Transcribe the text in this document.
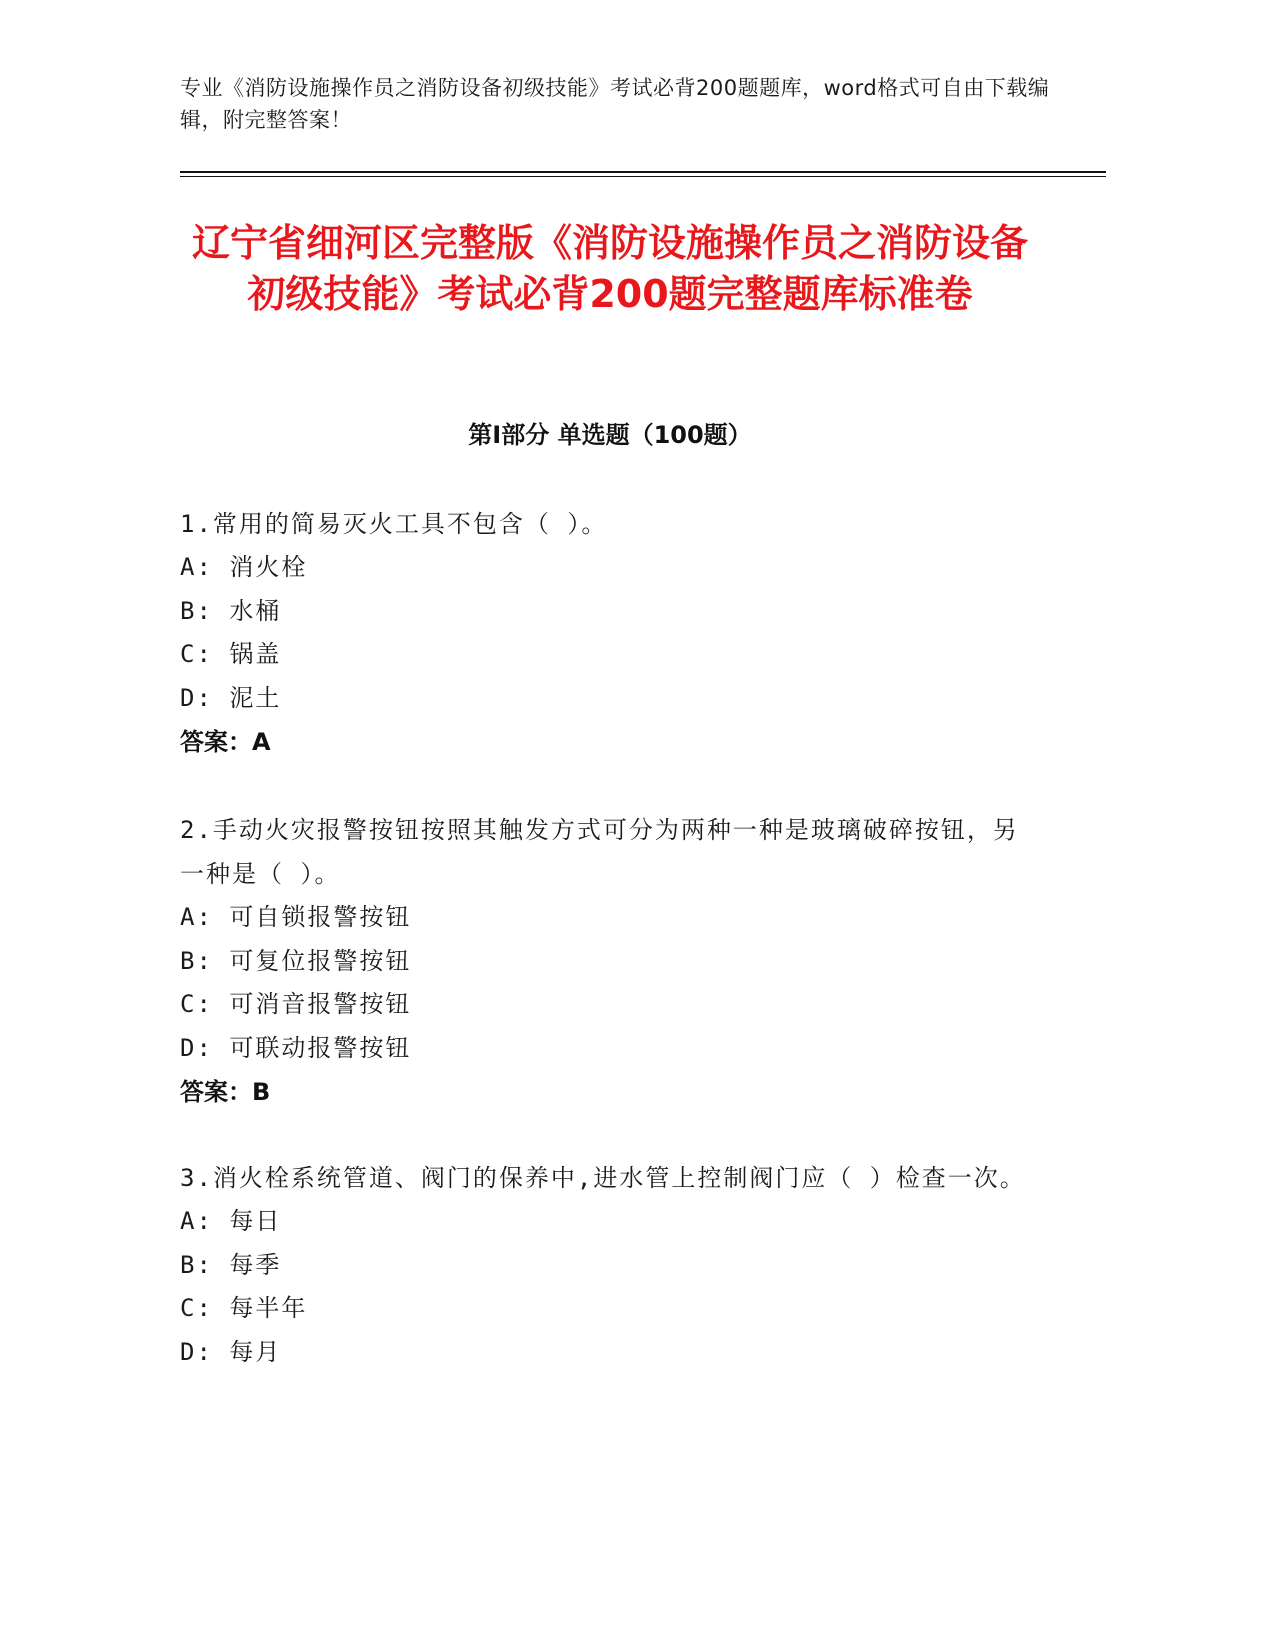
专业《消防设施操作员之消防设备初级技能》考试必背200题题库，word格式可自由下载编辑，附完整答案！
辽宁省细河区完整版《消防设施操作员之消防设备初级技能》考试必背200题完整题库标准卷
第I部分 单选题（100题）
1.常用的简易灭火工具不包含（ ）。
A: 消火栓
B: 水桶
C: 锅盖
D: 泥土
答案：A
2.手动火灾报警按钮按照其触发方式可分为两种一种是玻璃破碎按钮，另一种是（ ）。
A: 可自锁报警按钮
B: 可复位报警按钮
C: 可消音报警按钮
D: 可联动报警按钮
答案：B
3.消火栓系统管道、阀门的保养中,进水管上控制阀门应（ ）检查一次。
A: 每日
B: 每季
C: 每半年
D: 每月
